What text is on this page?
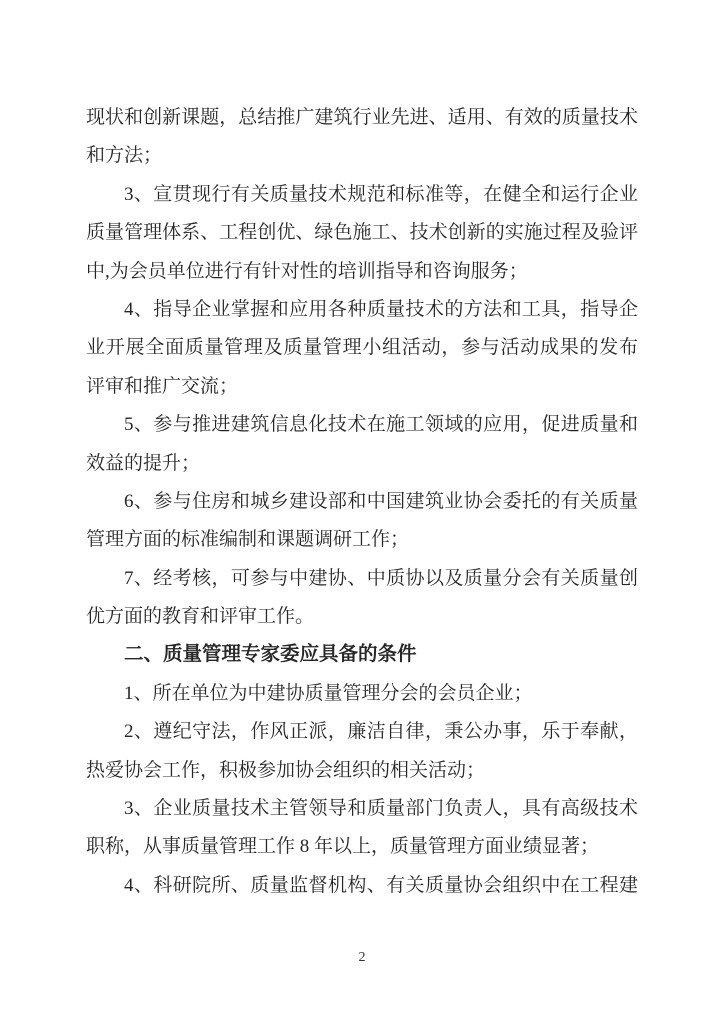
现状和创新课题，总结推广建筑行业先进、适用、有效的质量技术
和方法；
3、宣贯现行有关质量技术规范和标准等，在健全和运行企业
质量管理体系、工程创优、绿色施工、技术创新的实施过程及验评
中,为会员单位进行有针对性的培训指导和咨询服务；
4、指导企业掌握和应用各种质量技术的方法和工具，指导企
业开展全面质量管理及质量管理小组活动，参与活动成果的发布
评审和推广交流；
5、参与推进建筑信息化技术在施工领域的应用，促进质量和
效益的提升；
6、参与住房和城乡建设部和中国建筑业协会委托的有关质量
管理方面的标准编制和课题调研工作；
7、经考核，可参与中建协、中质协以及质量分会有关质量创
优方面的教育和评审工作。
二、质量管理专家委应具备的条件
1、所在单位为中建协质量管理分会的会员企业；
2、遵纪守法，作风正派，廉洁自律，秉公办事，乐于奉献，
热爱协会工作，积极参加协会组织的相关活动；
3、企业质量技术主管领导和质量部门负责人，具有高级技术
职称，从事质量管理工作 8 年以上，质量管理方面业绩显著；
4、科研院所、质量监督机构、有关质量协会组织中在工程建
2
